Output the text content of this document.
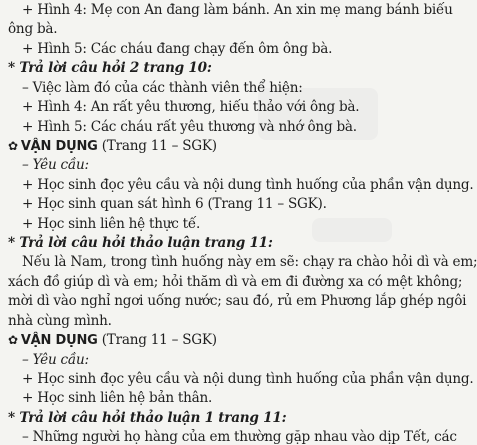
+ Hình 4: Mẹ con An đang làm bánh. An xin mẹ mang bánh biếu
ông bà.
+ Hình 5: Các cháu đang chạy đến ôm ông bà.
* Trả lời câu hỏi 2 trang 10:
– Việc làm đó của các thành viên thể hiện:
+ Hình 4: An rất yêu thương, hiếu thảo với ông bà.
+ Hình 5: Các cháu rất yêu thương và nhớ ông bà.
✿ VẬN DỤNG (Trang 11 – SGK)
– Yêu cầu:
+ Học sinh đọc yêu cầu và nội dung tình huống của phần vận dụng.
+ Học sinh quan sát hình 6 (Trang 11 – SGK).
+ Học sinh liên hệ thực tế.
* Trả lời câu hỏi thảo luận trang 11:
Nếu là Nam, trong tình huống này em sẽ: chạy ra chào hỏi dì và em;
xách đồ giúp dì và em; hỏi thăm dì và em đi đường xa có mệt không;
mời dì vào nghỉ ngơi uống nước; sau đó, rủ em Phương lắp ghép ngôi
nhà cùng mình.
✿ VẬN DỤNG (Trang 11 – SGK)
– Yêu cầu:
+ Học sinh đọc yêu cầu và nội dung tình huống của phần vận dụng.
+ Học sinh liên hệ bản thân.
* Trả lời câu hỏi thảo luận 1 trang 11:
– Những người họ hàng của em thường gặp nhau vào dịp Tết, các
